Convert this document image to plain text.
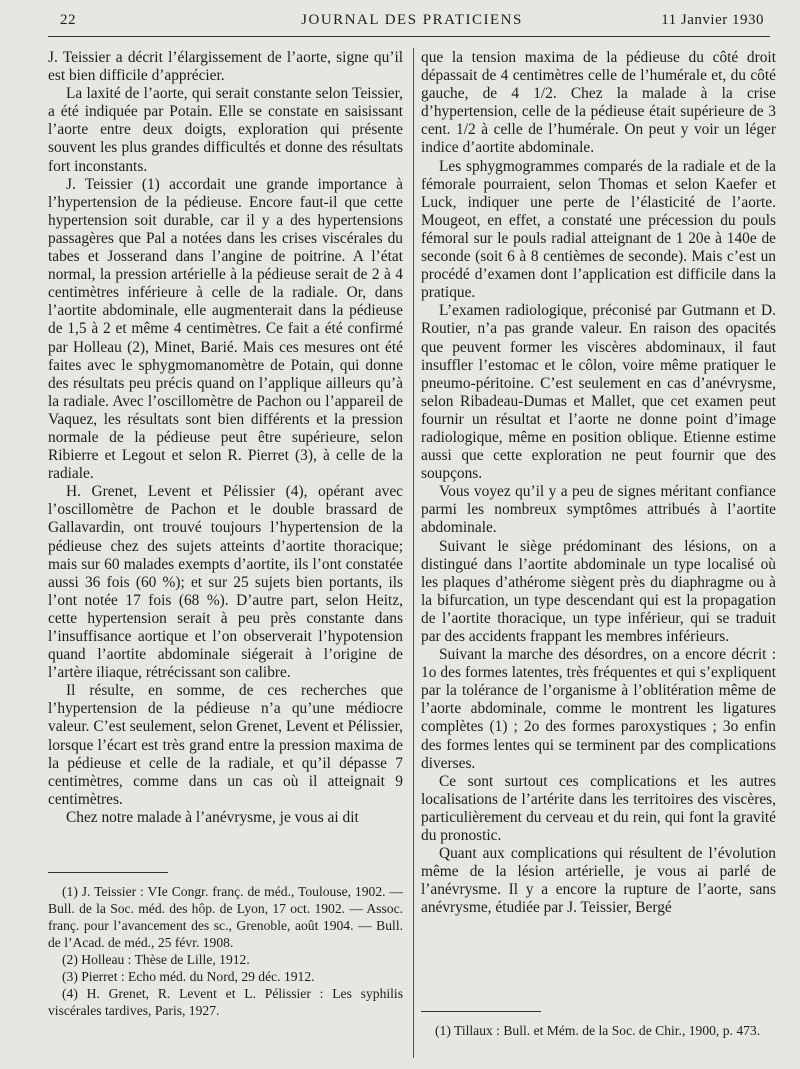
22	JOURNAL DES PRATICIENS	11 Janvier 1930

J. Teissier a décrit l’élargissement de l’aorte, signe qu’il est bien difficile d’apprécier.

La laxité de l’aorte, qui serait constante selon Teissier, a été indiquée par Potain. Elle se constate en saisissant l’aorte entre deux doigts, exploration qui présente souvent les plus grandes difficultés et donne des résultats fort inconstants.

J. Teissier (1) accordait une grande importance à l’hypertension de la pédieuse. Encore faut-il que cette hypertension soit durable, car il y a des hypertensions passagères que Pal a notées dans les crises viscérales du tabes et Josserand dans l’angine de poitrine. A l’état normal, la pression artérielle à la pédieuse serait de 2 à 4 centimètres inférieure à celle de la radiale. Or, dans l’aortite abdominale, elle augmenterait dans la pédieuse de 1,5 à 2 et même 4 centimètres. Ce fait a été confirmé par Holleau (2), Minet, Barié. Mais ces mesures ont été faites avec le sphygmomanomètre de Potain, qui donne des résultats peu précis quand on l’applique ailleurs qu’à la radiale. Avec l’oscillomètre de Pachon ou l’appareil de Vaquez, les résultats sont bien différents et la pression normale de la pédieuse peut être supérieure, selon Ribierre et Legout et selon R. Pierret (3), à celle de la radiale.

H. Grenet, Levent et Pélissier (4), opérant avec l’oscillomètre de Pachon et le double brassard de Gallavardin, ont trouvé toujours l’hypertension de la pédieuse chez des sujets atteints d’aortite thoracique; mais sur 60 malades exempts d’aortite, ils l’ont constatée aussi 36 fois (60 %); et sur 25 sujets bien portants, ils l’ont notée 17 fois (68 %). D’autre part, selon Heitz, cette hypertension serait à peu près constante dans l’insuffisance aortique et l’on observerait l’hypotension quand l’aortite abdominale siégerait à l’origine de l’artère iliaque, rétrécissant son calibre.

Il résulte, en somme, de ces recherches que l’hypertension de la pédieuse n’a qu’une médiocre valeur. C’est seulement, selon Grenet, Levent et Pélissier, lorsque l’écart est très grand entre la pression maxima de la pédieuse et celle de la radiale, et qu’il dépasse 7 centimètres, comme dans un cas où il atteignait 9 centimètres.

Chez notre malade à l’anévrysme, je vous ai dit

(1) J. Teissier : VIe Congr. franç. de méd., Toulouse, 1902. — Bull. de la Soc. méd. des hôp. de Lyon, 17 oct. 1902. — Assoc. franç. pour l’avancement des sc., Grenoble, août 1904. — Bull. de l’Acad. de méd., 25 févr. 1908.

(2) Holleau : Thèse de Lille, 1912.

(3) Pierret : Echo méd. du Nord, 29 déc. 1912.

(4) H. Grenet, R. Levent et L. Pélissier : Les syphilis viscérales tardives, Paris, 1927.

que la tension maxima de la pédieuse du côté droit dépassait de 4 centimètres celle de l’humérale et, du côté gauche, de 4 1/2. Chez la malade à la crise d’hypertension, celle de la pédieuse était supérieure de 3 cent. 1/2 à celle de l’humérale. On peut y voir un léger indice d’aortite abdominale.

Les sphygmogrammes comparés de la radiale et de la fémorale pourraient, selon Thomas et selon Kaefer et Luck, indiquer une perte de l’élasticité de l’aorte. Mougeot, en effet, a constaté une précession du pouls fémoral sur le pouls radial atteignant de 1 20e à 140e de seconde (soit 6 à 8 centièmes de seconde). Mais c’est un procédé d’examen dont l’application est difficile dans la pratique.

L’examen radiologique, préconisé par Gutmann et D. Routier, n’a pas grande valeur. En raison des opacités que peuvent former les viscères abdominaux, il faut insuffler l’estomac et le côlon, voire même pratiquer le pneumo-péritoine. C’est seulement en cas d’anévrysme, selon Ribadeau-Dumas et Mallet, que cet examen peut fournir un résultat et l’aorte ne donne point d’image radiologique, même en position oblique. Etienne estime aussi que cette exploration ne peut fournir que des soupçons.

Vous voyez qu’il y a peu de signes méritant confiance parmi les nombreux symptômes attribués à l’aortite abdominale.

Suivant le siège prédominant des lésions, on a distingué dans l’aortite abdominale un type localisé où les plaques d’athérome siègent près du diaphragme ou à la bifurcation, un type descendant qui est la propagation de l’aortite thoracique, un type inférieur, qui se traduit par des accidents frappant les membres inférieurs.

Suivant la marche des désordres, on a encore décrit : 1o des formes latentes, très fréquentes et qui s’expliquent par la tolérance de l’organisme à l’oblitération même de l’aorte abdominale, comme le montrent les ligatures complètes (1) ; 2o des formes paroxystiques ; 3o enfin des formes lentes qui se terminent par des complications diverses.

Ce sont surtout ces complications et les autres localisations de l’artérite dans les territoires des viscères, particulièrement du cerveau et du rein, qui font la gravité du pronostic.

Quant aux complications qui résultent de l’évolution même de la lésion artérielle, je vous ai parlé de l’anévrysme. Il y a encore la rupture de l’aorte, sans anévrysme, étudiée par J. Teissier, Bergé

(1) Tillaux : Bull. et Mém. de la Soc. de Chir., 1900, p. 473.
